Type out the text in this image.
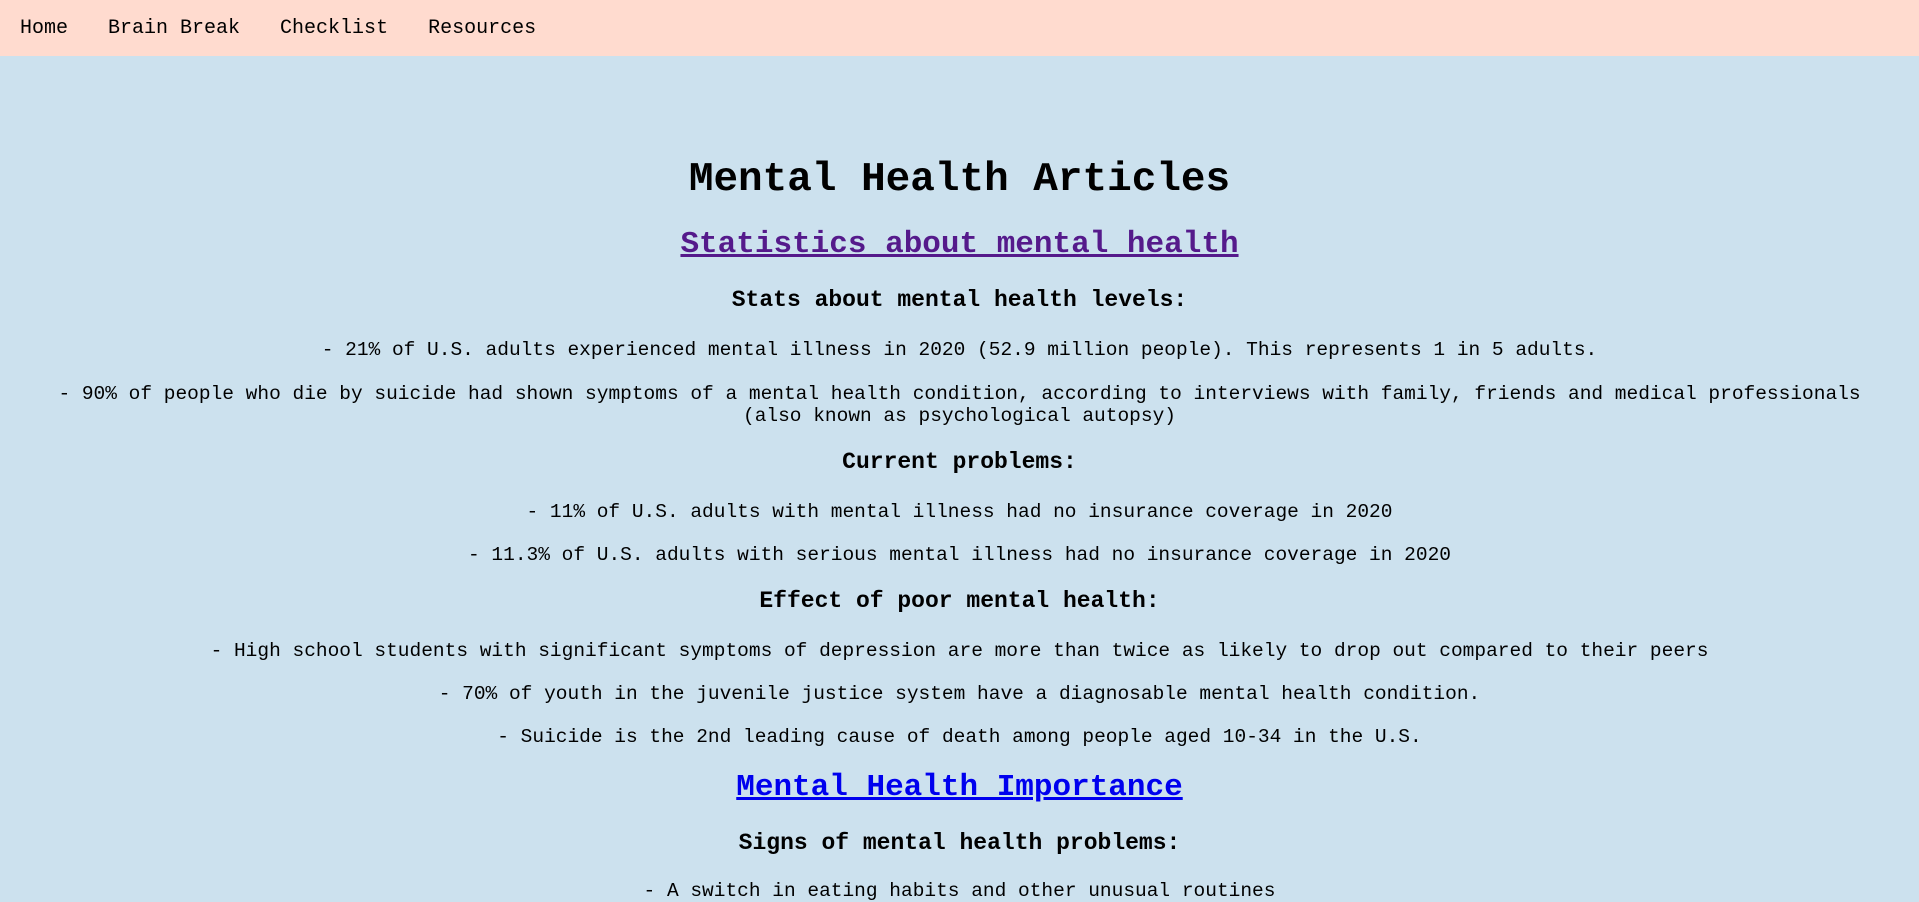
Home Brain Break Checklist Resources
Mental Health Articles
Statistics about mental health
Stats about mental health levels:

- 21% of U.S. adults experienced mental illness in 2020 (52.9 million people). This represents 1 in 5 adults.

- 90% of people who die by suicide had shown symptoms of a mental health condition, according to interviews with family, friends and medical professionals (also known as psychological autopsy)

Current problems:

- 11% of U.S. adults with mental illness had no insurance coverage in 2020

- 11.3% of U.S. adults with serious mental illness had no insurance coverage in 2020

Effect of poor mental health:

- High school students with significant symptoms of depression are more than twice as likely to drop out compared to their peers

- 70% of youth in the juvenile justice system have a diagnosable mental health condition.

- Suicide is the 2nd leading cause of death among people aged 10-34 in the U.S.

Mental Health Importance
Signs of mental health problems:

- A switch in eating habits and other unusual routines
